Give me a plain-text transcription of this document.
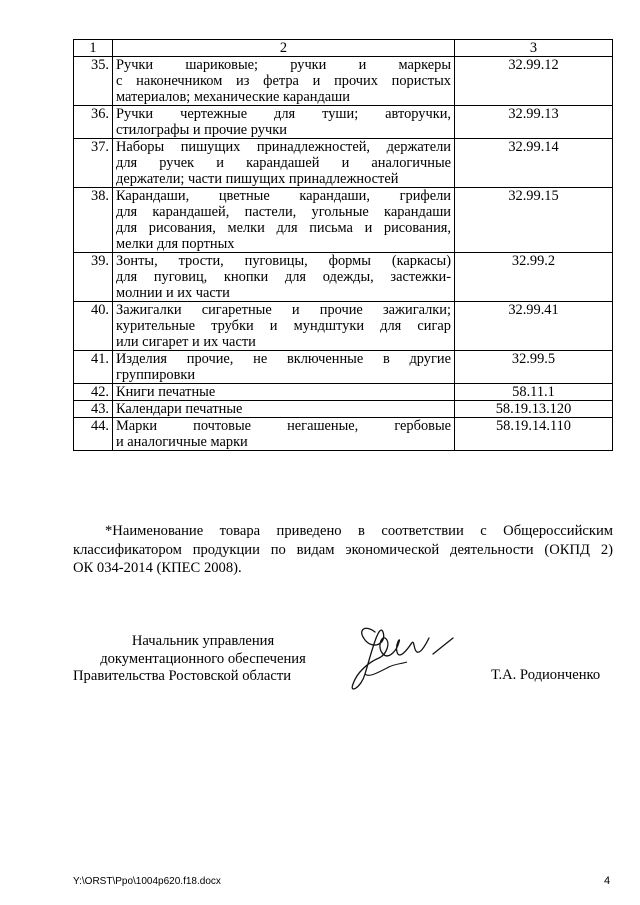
1	2	3
35.	Ручки шариковые; ручки и маркеры
с наконечником из фетра и прочих пористых
материалов; механические карандаши	32.99.12
36.	Ручки чертежные для туши; авторучки,
стилографы и прочие ручки	32.99.13
37.	Наборы пишущих принадлежностей, держатели
для ручек и карандашей и аналогичные
держатели; части пишущих принадлежностей	32.99.14
38.	Карандаши, цветные карандаши, грифели
для карандашей, пастели, угольные карандаши
для рисования, мелки для письма и рисования,
мелки для портных	32.99.15
39.	Зонты, трости, пуговицы, формы (каркасы)
для пуговиц, кнопки для одежды, застежки-
молнии и их части	32.99.2
40.	Зажигалки сигаретные и прочие зажигалки;
курительные трубки и мундштуки для сигар
или сигарет и их части	32.99.41
41.	Изделия прочие, не включенные в другие
группировки	32.99.5
42.	Книги печатные	58.11.1
43.	Календари печатные	58.19.13.120
44.	Марки почтовые негашеные, гербовые
и аналогичные марки	58.19.14.110
*Наименование товара приведено в соответствии с Общероссийским
классификатором продукции по видам экономической деятельности (ОКПД 2)
ОК 034-2014 (КПЕС 2008).
Начальник управления
документационного обеспечения
Правительства Ростовской области	Т.А. Родионченко
Y:\ORST\Ppo\1004p620.f18.docx	4
